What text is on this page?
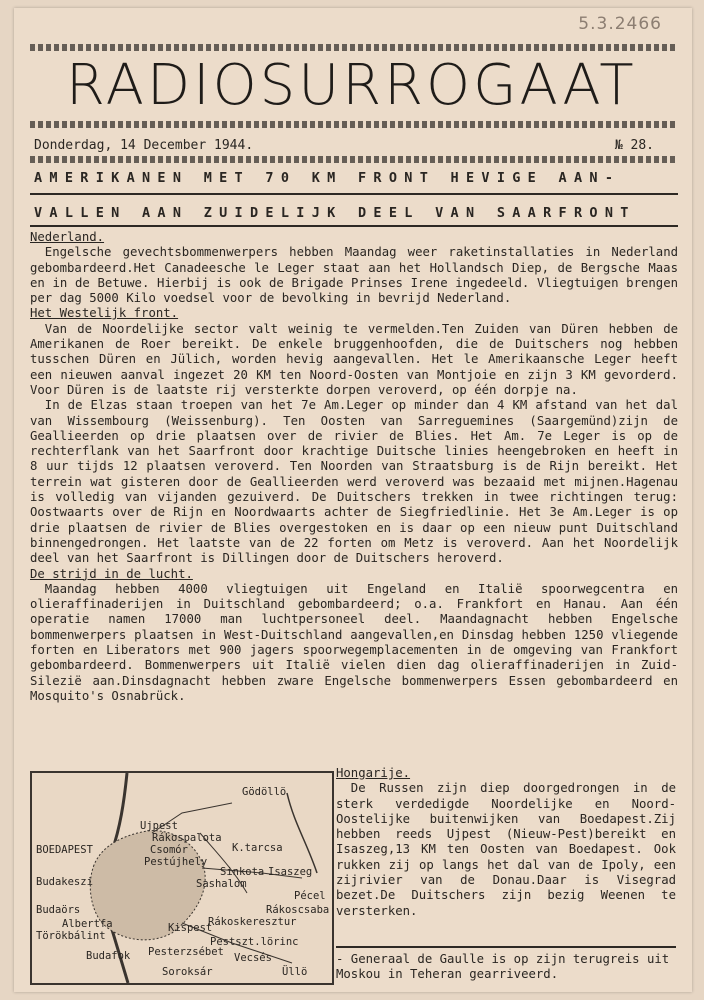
5.3.2466
RADIOSURROGAAT
Donderdag, 14 December 1944.	№ 28.
AMERIKANEN MET 70 KM FRONT HEVIGE AAN-
VALLEN AAN ZUIDELIJK DEEL VAN SAARFRONT
Nederland.

Engelsche gevechtsbommenwerpers hebben Maandag weer raketinstallaties in Nederland gebombardeerd.Het Canadeesche le Leger staat aan het Hollandsch Diep, de Bergsche Maas en in de Betuwe. Hierbij is ook de Brigade Prinses Irene ingedeeld. Vliegtuigen brengen per dag 5000 Kilo voedsel voor de bevolking in bevrijd Nederland.

Het Westelijk front.

Van de Noordelijke sector valt weinig te vermelden.Ten Zuiden van Düren hebben de Amerikanen de Roer bereikt. De enkele bruggenhoofden, die de Duitschers nog hebben tusschen Düren en Jülich, worden hevig aangevallen. Het le Amerikaansche Leger heeft een nieuwen aanval ingezet 20 KM ten Noord-Oosten van Montjoie en zijn 3 KM gevorderd. Voor Düren is de laatste rij versterkte dorpen veroverd, op één dorpje na.

In de Elzas staan troepen van het 7e Am.Leger op minder dan 4 KM afstand van het dal van Wissembourg (Weissenburg). Ten Oosten van Sarreguemines (Saargemünd)zijn de Geallieerden op drie plaatsen over de rivier de Blies. Het Am. 7e Leger is op de rechterflank van het Saarfront door krachtige Duitsche linies heengebroken en heeft in 8 uur tijds 12 plaatsen veroverd. Ten Noorden van Straatsburg is de Rijn bereikt. Het terrein wat gisteren door de Geallieerden werd veroverd was bezaaid met mijnen.Hagenau is volledig van vijanden gezuiverd. De Duitschers trekken in twee richtingen terug: Oostwaarts over de Rijn en Noordwaarts achter de Siegfriedlinie. Het 3e Am.Leger is op drie plaatsen de rivier de Blies overgestoken en is daar op een nieuw punt Duitschland binnengedrongen. Het laatste van de 22 forten om Metz is veroverd. Aan het Noordelijk deel van het Saarfront is Dillingen door de Duitschers heroverd.

De strijd in de lucht.

Maandag hebben 4000 vliegtuigen uit Engeland en Italië spoorwegcentra en olieraffinaderijen in Duitschland gebombardeerd; o.a. Frankfort en Hanau. Aan één operatie namen 17000 man luchtpersoneel deel. Maandagnacht hebben Engelsche bommenwerpers plaatsen in West-Duitschland aangevallen,en Dinsdag hebben 1250 vliegende forten en Liberators met 900 jagers spoorwegemplacementen in de omgeving van Frankfort gebombardeerd. Bommenwerpers uit Italië vielen dien dag olieraffinaderijen in Zuid-Silezië aan.Dinsdagnacht hebben zware Engelsche bommenwerpers Essen gebombardeerd en Mosquito's Osnabrück.

Gödöllö
Ujpest
Rákospalota
Csomór
Pestújhely
K.tarcsa
BOEDAPEST
Pécel
Sinkota Isaszeg
Budakeszi	Sashalom
Budaörs	Rákoscsaba
Rákoskeresztur
Albertfa
Törökbálint
Kispest
Budafok Pesterzsébet
Pestszt.lörinc
Soroksár
Vecsés
Üllö
Hongarije.

De Russen zijn diep doorgedrongen in de sterk verdedigde Noordelijke en Noord-Oostelijke buitenwijken van Boedapest.Zij hebben reeds Ujpest (Nieuw-Pest)bereikt en Isaszeg,13 KM ten Oosten van Boedapest. Ook rukken zij op langs het dal van de Ipoly, een zijrivier van de Donau.Daar is Visegrad bezet.De Duitschers zijn bezig Weenen te versterken.

- Generaal de Gaulle is op zijn terugreis uit Moskou in Teheran gearriveerd.
